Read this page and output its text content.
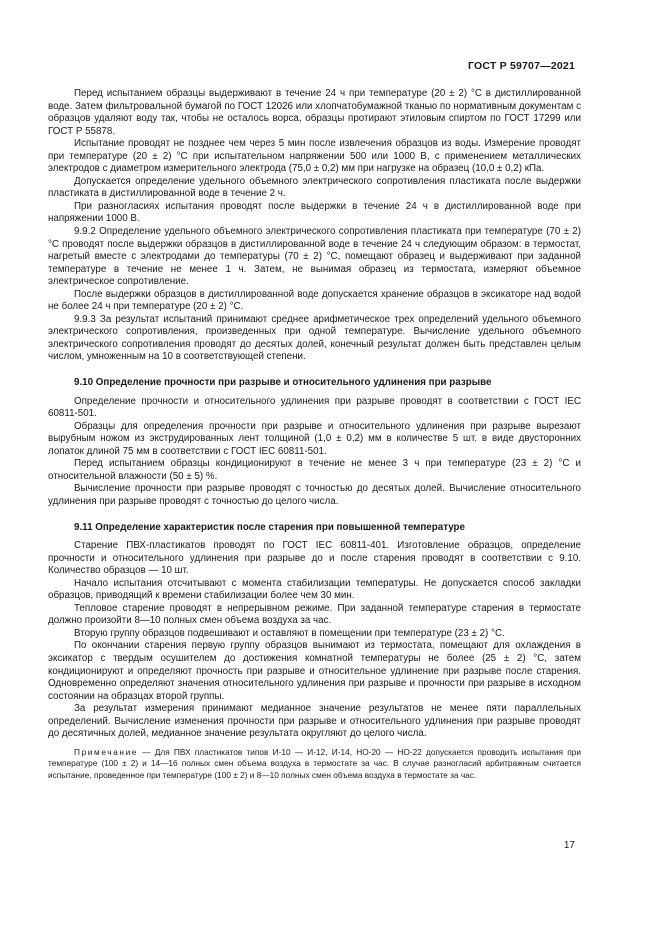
ГОСТ Р 59707—2021

Перед испытанием образцы выдерживают в течение 24 ч при температуре (20 ± 2) °С в дистиллированной воде. Затем фильтровальной бумагой по ГОСТ 12026 или хлопчатобумажной тканью по нормативным документам с образцов удаляют воду так, чтобы не осталось ворса, образцы протирают этиловым спиртом по ГОСТ 17299 или ГОСТ Р 55878.

Испытание проводят не позднее чем через 5 мин после извлечения образцов из воды. Измерение проводят при температуре (20 ± 2) °С при испытательном напряжении 500 или 1000 В, с применением металлических электродов с диаметром измерительного электрода (75,0 ± 0,2) мм при нагрузке на образец (10,0 ± 0,2) кПа.

Допускается определение удельного объемного электрического сопротивления пластиката после выдержки пластиката в дистиллированной воде в течение 2 ч.

При разногласиях испытания проводят после выдержки в течение 24 ч в дистиллированной воде при напряжении 1000 В.

9.9.2 Определение удельного объемного электрического сопротивления пластиката при температуре (70 ± 2) °С проводят после выдержки образцов в дистиллированной воде в течение 24 ч следующим образом: в термостат, нагретый вместе с электродами до температуры (70 ± 2) °С, помещают образец и выдерживают при заданной температуре в течение не менее 1 ч. Затем, не вынимая образец из термостата, измеряют объемное электрическое сопротивление.

После выдержки образцов в дистиллированной воде допускается хранение образцов в эксикаторе над водой не более 24 ч при температуре (20 ± 2) °С.

9.9.3 За результат испытаний принимают среднее арифметическое трех определений удельного объемного электрического сопротивления, произведенных при одной температуре. Вычисление удельного объемного электрического сопротивления проводят до десятых долей, конечный результат должен быть представлен целым числом, умноженным на 10 в соответствующей степени.

9.10 Определение прочности при разрыве и относительного удлинения при разрыве

Определение прочности и относительного удлинения при разрыве проводят в соответствии с ГОСТ IEC 60811-501.

Образцы для определения прочности при разрыве и относительного удлинения при разрыве вырезают вырубным ножом из экструдированных лент толщиной (1,0 ± 0,2) мм в количестве 5 шт. в виде двусторонних лопаток длиной 75 мм в соответствии с ГОСТ IEC 60811-501.

Перед испытанием образцы кондиционируют в течение не менее 3 ч при температуре (23 ± 2) °С и относительной влажности (50 ± 5) %.

Вычисление прочности при разрыве проводят с точностью до десятых долей. Вычисление относительного удлинения при разрыве проводят с точностью до целого числа.

9.11 Определение характеристик после старения при повышенной температуре

Старение ПВХ-пластикатов проводят по ГОСТ IEC 60811-401. Изготовление образцов, определение прочности и относительного удлинения при разрыве до и после старения проводят в соответствии с 9.10. Количество образцов — 10 шт.

Начало испытания отсчитывают с момента стабилизации температуры. Не допускается способ закладки образцов, приводящий к времени стабилизации более чем 30 мин.

Тепловое старение проводят в непрерывном режиме. При заданной температуре старения в термостате должно произойти 8—10 полных смен объема воздуха за час.

Вторую группу образцов подвешивают и оставляют в помещении при температуре (23 ± 2) °С.

По окончании старения первую группу образцов вынимают из термостата, помещают для охлаждения в эксикатор с твердым осушителем до достижения комнатной температуры не более (25 ± 2) °С, затем кондиционируют и определяют прочность при разрыве и относительное удлинение при разрыве после старения. Одновременно определяют значения относительного удлинения при разрыве и прочности при разрыве в исходном состоянии на образцах второй группы.

За результат измерения принимают медианное значение результатов не менее пяти параллельных определений. Вычисление изменения прочности при разрыве и относительного удлинения при разрыве проводят до десятичных долей, медианное значение результата округляют до целого числа.

Примечание — Для ПВХ пластикатов типов И-10 — И-12, И-14, НО-20 — НО-22 допускается проводить испытания при температуре (100 ± 2) и 14—16 полных смен объема воздуха в термостате за час. В случае разногласий арбитражным считается испытание, проведенное при температуре (100 ± 2) и 8—10 полных смен объема воздуха в термостате за час.

17
